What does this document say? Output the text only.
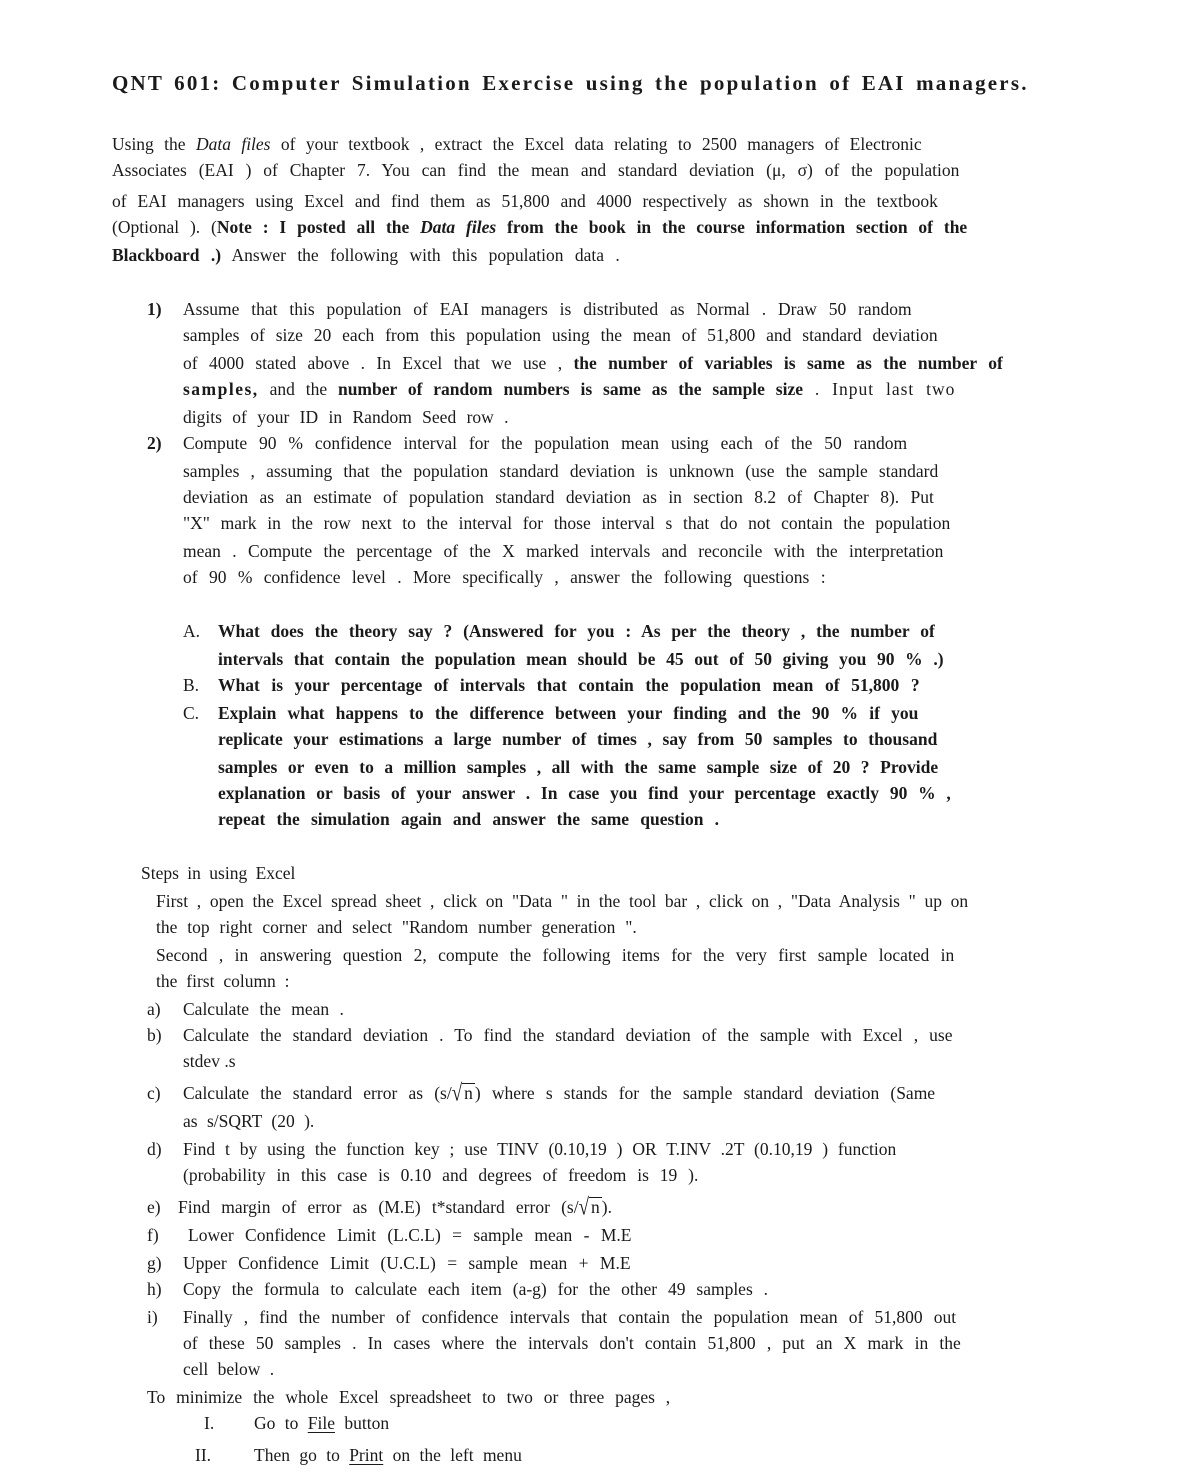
QNT 601: Computer Simulation Exercise using the population of EAI managers.
Using the Data files of your textbook , extract the Excel data relating to 2500 managers of Electronic
Associates (EAI ) of Chapter 7. You can find the mean and standard deviation (μ, σ) of the population
of EAI managers using Excel and find them as 51,800 and 4000 respectively as shown in the textbook
(Optional ). (Note : I posted all the Data files from the book in the course information section of the
Blackboard .) Answer the following with this population data .
1) Assume that this population of EAI managers is distributed as Normal . Draw 50 random
samples of size 20 each from this population using the mean of 51,800 and standard deviation
of 4000 stated above . In Excel that we use , the number of variables is same as the number of
samples, and the number of random numbers is same as the sample size . Input last two
digits of your ID in Random Seed row .
2) Compute 90 % confidence interval for the population mean using each of the 50 random
samples , assuming that the population standard deviation is unknown (use the sample standard
deviation as an estimate of population standard deviation as in section 8.2 of Chapter 8). Put
"X" mark in the row next to the interval for those interval s that do not contain the population
mean . Compute the percentage of the X marked intervals and reconcile with the interpretation
of 90 % confidence level . More specifically , answer the following questions :
A. What does the theory say ? (Answered for you : As per the theory , the number of
intervals that contain the population mean should be 45 out of 50 giving you 90 % .)
B. What is your percentage of intervals that contain the population mean of 51,800 ?
C. Explain what happens to the difference between your finding and the 90 % if you
replicate your estimations a large number of times , say from 50 samples to thousand
samples or even to a million samples , all with the same sample size of 20 ? Provide
explanation or basis of your answer . In case you find your percentage exactly 90 % ,
repeat the simulation again and answer the same question .
Steps in using Excel
First , open the Excel spread sheet , click on "Data " in the tool bar , click on , "Data Analysis " up on
the top right corner and select "Random number generation ".
Second , in answering question 2, compute the following items for the very first sample located in
the first column :
a) Calculate the mean .
b) Calculate the standard deviation . To find the standard deviation of the sample with Excel , use
stdev .s
c) Calculate the standard error as (s/√ n ) where s stands for the sample standard deviation (Same
as s/SQRT (20 ).
d) Find t by using the function key ; use TINV (0.10,19 ) OR T.INV .2T (0.10,19 ) function
(probability in this case is 0.10 and degrees of freedom is 19 ).
e) Find margin of error as (M.E) t*standard error (s/√ n ).
f) Lower Confidence Limit (L.C.L) = sample mean - M.E
g) Upper Confidence Limit (U.C.L) = sample mean + M.E
h) Copy the formula to calculate each item (a-g) for the other 49 samples .
i) Finally , find the number of confidence intervals that contain the population mean of 51,800 out
of these 50 samples . In cases where the intervals don't contain 51,800 , put an X mark in the
cell below .
To minimize the whole Excel spreadsheet to two or three pages ,
I. Go to File button
II. Then go to Print on the left menu
